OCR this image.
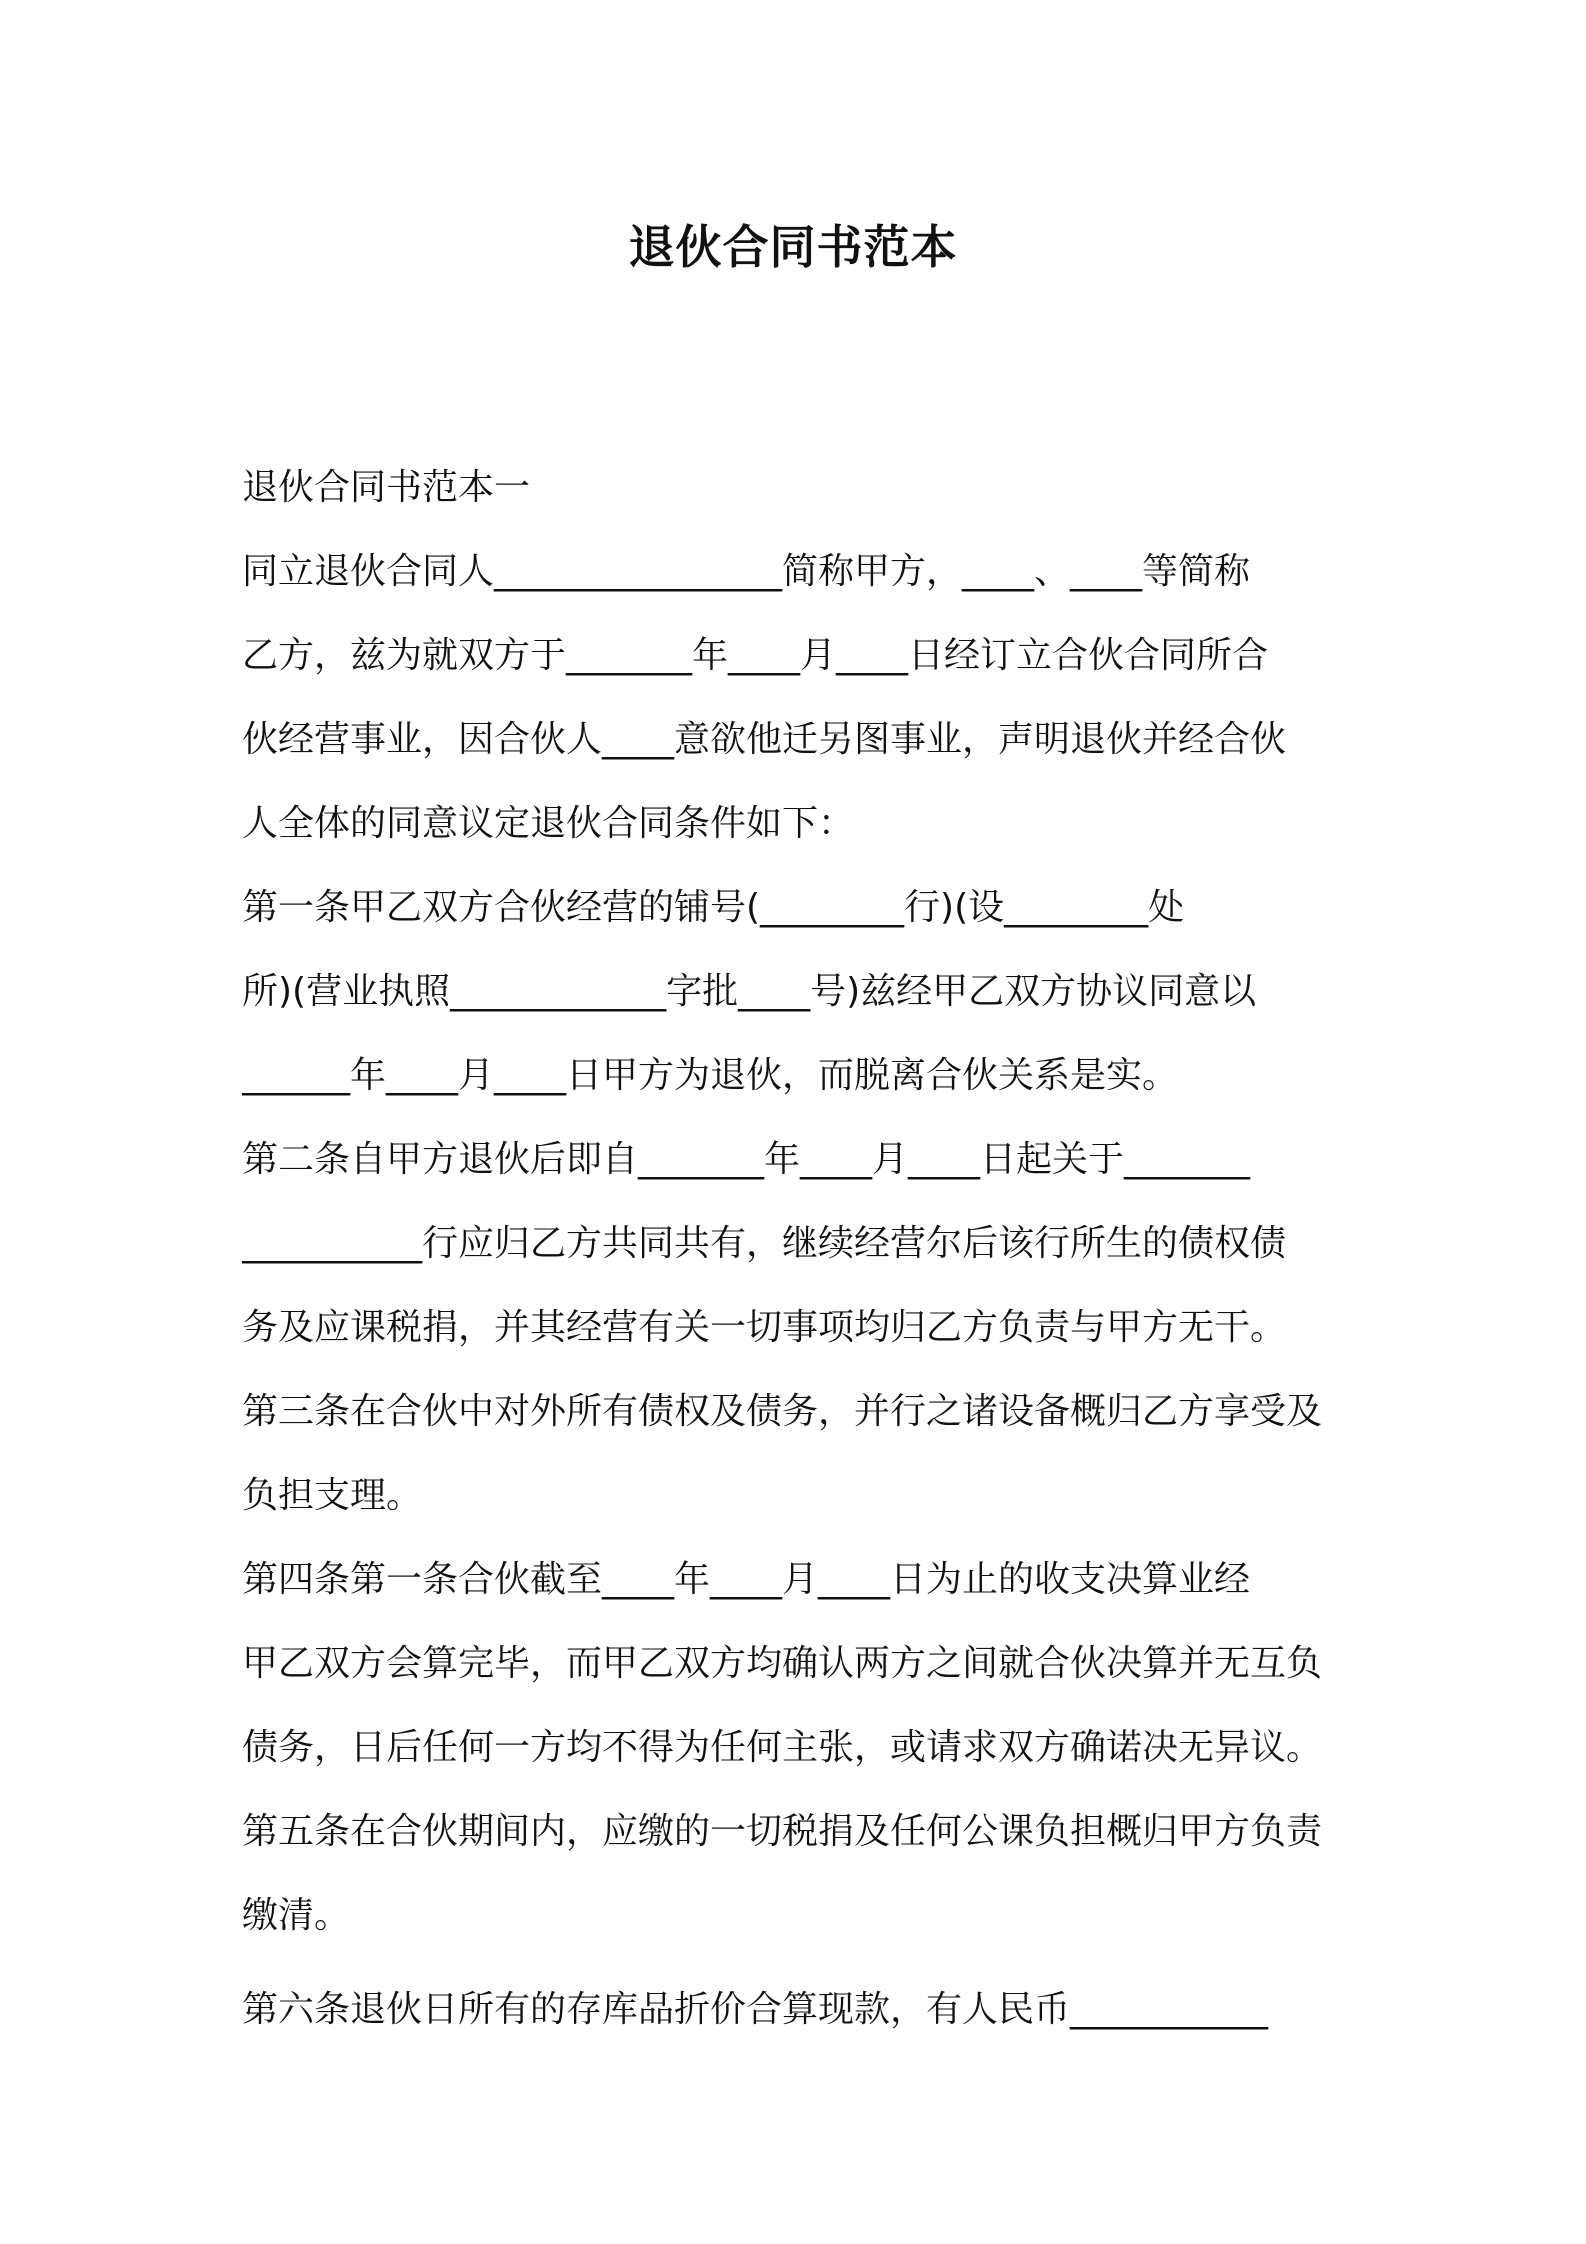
退伙合同书范本

退伙合同书范本一

同立退伙合同人________________简称甲方，____、____等简称

乙方，兹为就双方于_______年____月____日经订立合伙合同所合

伙经营事业，因合伙人____意欲他迁另图事业，声明退伙并经合伙

人全体的同意议定退伙合同条件如下：

第一条甲乙双方合伙经营的铺号(________行)(设________处

所)(营业执照____________字批____号)兹经甲乙双方协议同意以

______年____月____日甲方为退伙，而脱离合伙关系是实。

第二条自甲方退伙后即自_______年____月____日起关于_______

__________行应归乙方共同共有，继续经营尔后该行所生的债权债

务及应课税捐，并其经营有关一切事项均归乙方负责与甲方无干。

第三条在合伙中对外所有债权及债务，并行之诸设备概归乙方享受及

负担支理。

第四条第一条合伙截至____年____月____日为止的收支决算业经

甲乙双方会算完毕，而甲乙双方均确认两方之间就合伙决算并无互负

债务，日后任何一方均不得为任何主张，或请求双方确诺决无异议。

第五条在合伙期间内，应缴的一切税捐及任何公课负担概归甲方负责

缴清。

第六条退伙日所有的存库品折价合算现款，有人民币___________
